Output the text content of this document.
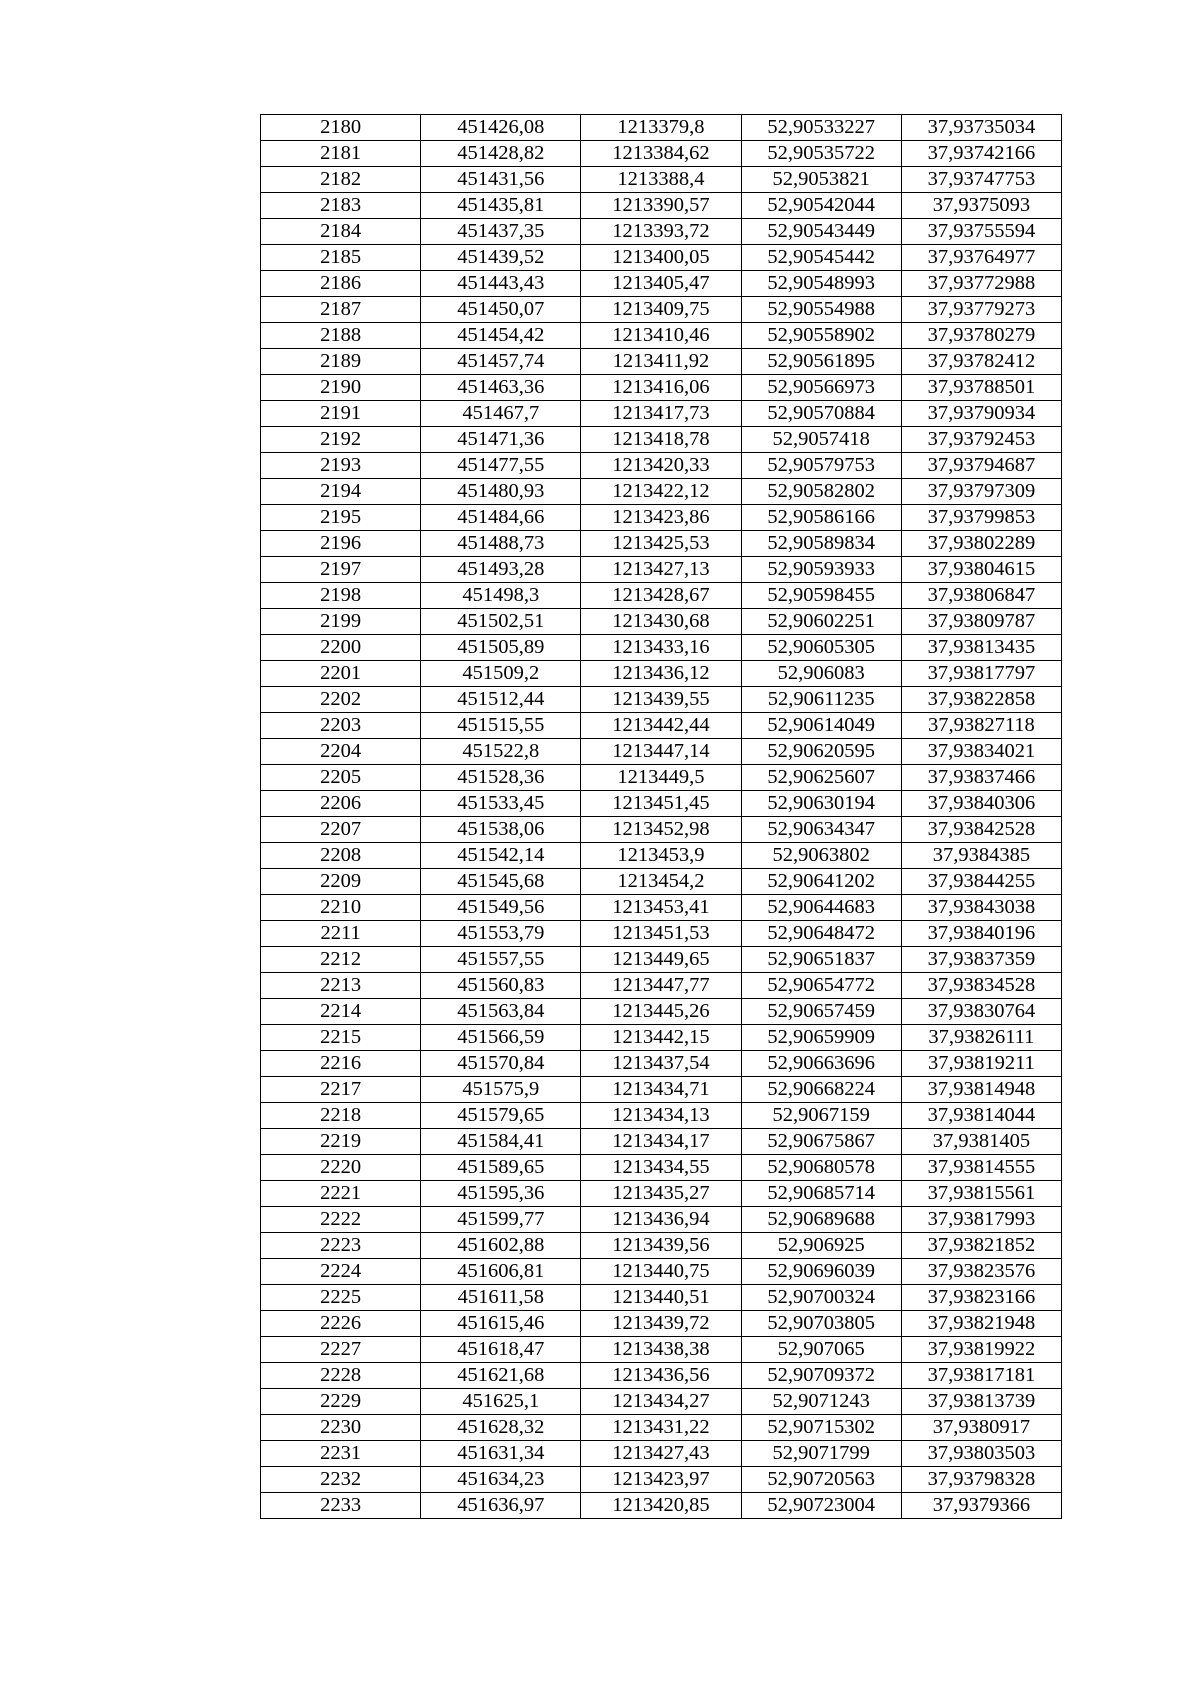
2180	451426,08	1213379,8	52,90533227	37,93735034
2181	451428,82	1213384,62	52,90535722	37,93742166
2182	451431,56	1213388,4	52,9053821	37,93747753
2183	451435,81	1213390,57	52,90542044	37,9375093
2184	451437,35	1213393,72	52,90543449	37,93755594
2185	451439,52	1213400,05	52,90545442	37,93764977
2186	451443,43	1213405,47	52,90548993	37,93772988
2187	451450,07	1213409,75	52,90554988	37,93779273
2188	451454,42	1213410,46	52,90558902	37,93780279
2189	451457,74	1213411,92	52,90561895	37,93782412
2190	451463,36	1213416,06	52,90566973	37,93788501
2191	451467,7	1213417,73	52,90570884	37,93790934
2192	451471,36	1213418,78	52,9057418	37,93792453
2193	451477,55	1213420,33	52,90579753	37,93794687
2194	451480,93	1213422,12	52,90582802	37,93797309
2195	451484,66	1213423,86	52,90586166	37,93799853
2196	451488,73	1213425,53	52,90589834	37,93802289
2197	451493,28	1213427,13	52,90593933	37,93804615
2198	451498,3	1213428,67	52,90598455	37,93806847
2199	451502,51	1213430,68	52,90602251	37,93809787
2200	451505,89	1213433,16	52,90605305	37,93813435
2201	451509,2	1213436,12	52,906083	37,93817797
2202	451512,44	1213439,55	52,90611235	37,93822858
2203	451515,55	1213442,44	52,90614049	37,93827118
2204	451522,8	1213447,14	52,90620595	37,93834021
2205	451528,36	1213449,5	52,90625607	37,93837466
2206	451533,45	1213451,45	52,90630194	37,93840306
2207	451538,06	1213452,98	52,90634347	37,93842528
2208	451542,14	1213453,9	52,9063802	37,9384385
2209	451545,68	1213454,2	52,90641202	37,93844255
2210	451549,56	1213453,41	52,90644683	37,93843038
2211	451553,79	1213451,53	52,90648472	37,93840196
2212	451557,55	1213449,65	52,90651837	37,93837359
2213	451560,83	1213447,77	52,90654772	37,93834528
2214	451563,84	1213445,26	52,90657459	37,93830764
2215	451566,59	1213442,15	52,90659909	37,93826111
2216	451570,84	1213437,54	52,90663696	37,93819211
2217	451575,9	1213434,71	52,90668224	37,93814948
2218	451579,65	1213434,13	52,9067159	37,93814044
2219	451584,41	1213434,17	52,90675867	37,9381405
2220	451589,65	1213434,55	52,90680578	37,93814555
2221	451595,36	1213435,27	52,90685714	37,93815561
2222	451599,77	1213436,94	52,90689688	37,93817993
2223	451602,88	1213439,56	52,906925	37,93821852
2224	451606,81	1213440,75	52,90696039	37,93823576
2225	451611,58	1213440,51	52,90700324	37,93823166
2226	451615,46	1213439,72	52,90703805	37,93821948
2227	451618,47	1213438,38	52,907065	37,93819922
2228	451621,68	1213436,56	52,90709372	37,93817181
2229	451625,1	1213434,27	52,9071243	37,93813739
2230	451628,32	1213431,22	52,90715302	37,9380917
2231	451631,34	1213427,43	52,9071799	37,93803503
2232	451634,23	1213423,97	52,90720563	37,93798328
2233	451636,97	1213420,85	52,90723004	37,9379366
